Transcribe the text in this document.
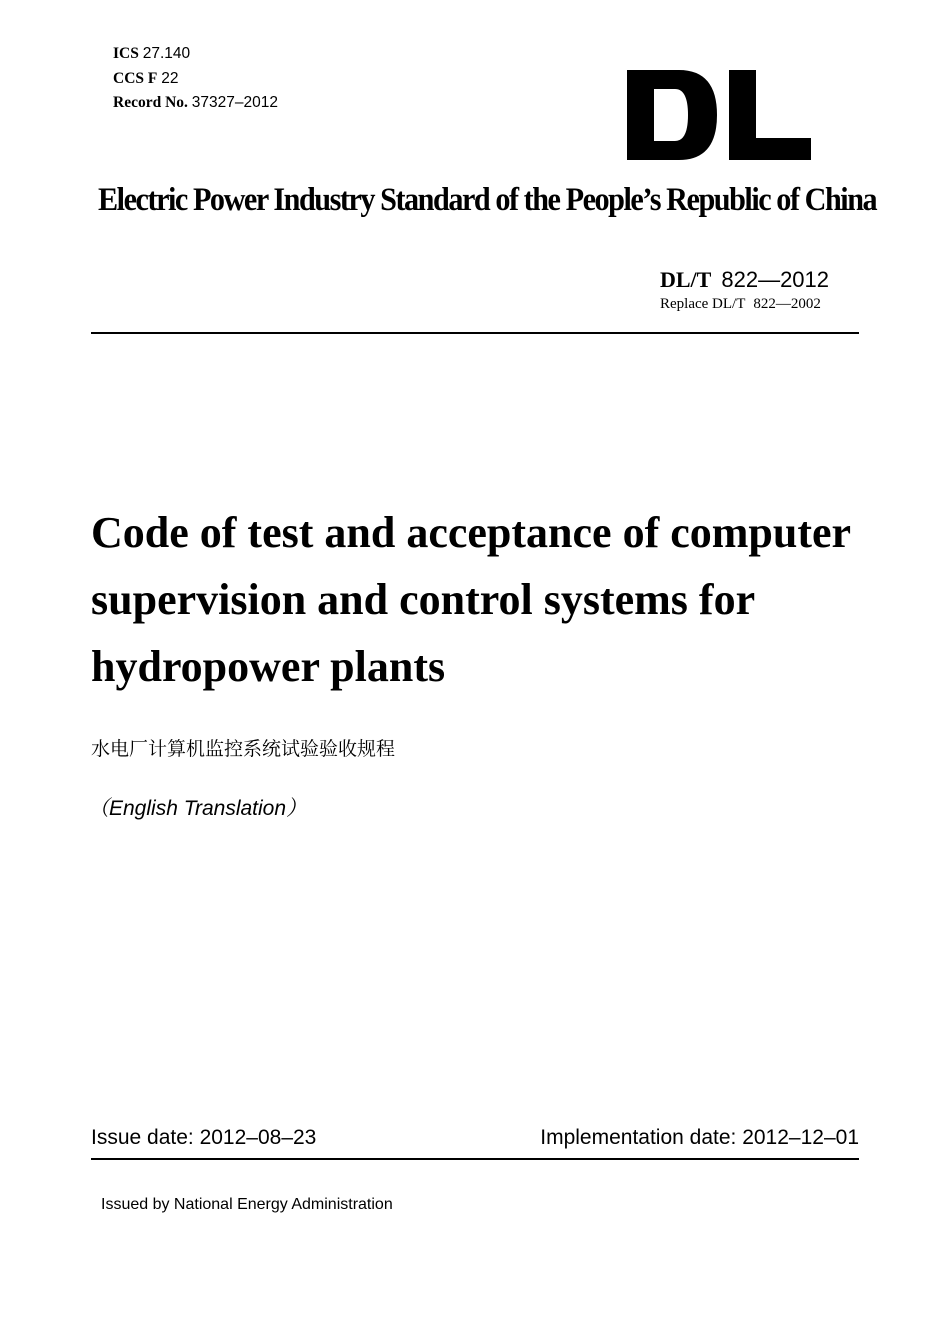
ICS 27.140
CCS F 22
Record No. 37327–2012
Electric Power Industry Standard of the People’s Republic of China
DL/T 822—2012
Replace DL/T 822—2002
Code of test and acceptance of computer
supervision and control systems for
hydropower plants
水电厂计算机监控系统试验验收规程
（English Translation）
Issue date: 2012–08–23	Implementation date: 2012–12–01
Issued by National Energy Administration
